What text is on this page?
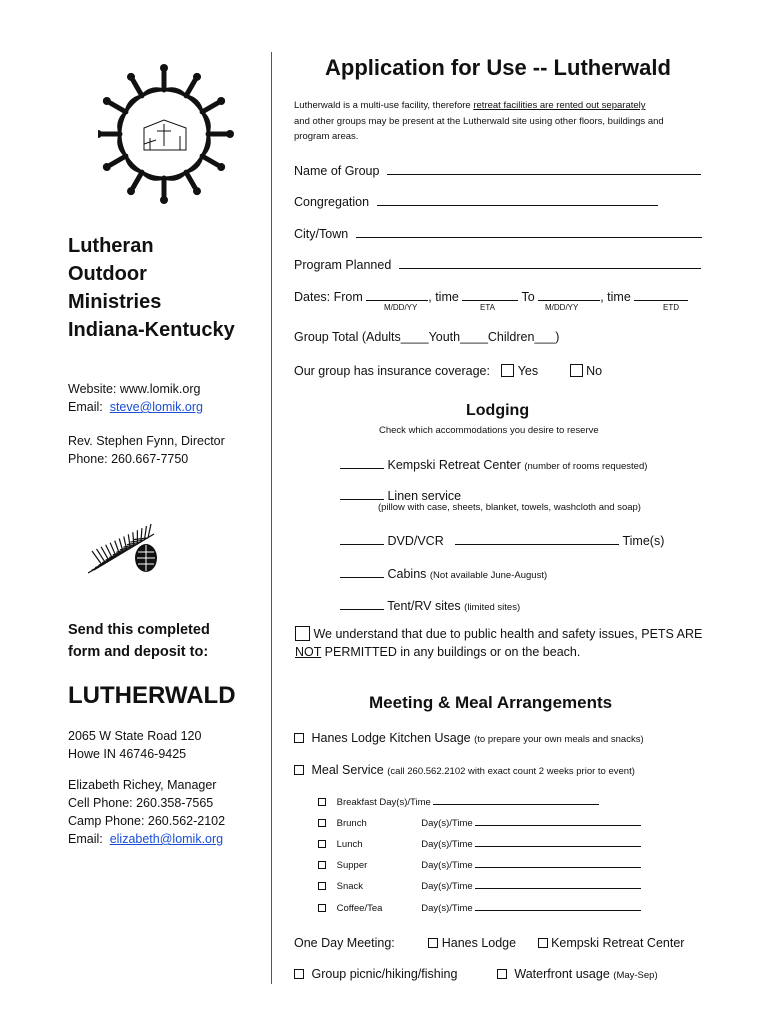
Lutheran
Outdoor
Ministries
Indiana-Kentucky
Website: www.lomik.org
Email: steve@lomik.org
Rev. Stephen Fynn, Director
Phone: 260.667-7750
Send this completed
form and deposit to:
LUTHERWALD
2065 W State Road 120
Howe IN 46746-9425
Elizabeth Richey, Manager
Cell Phone: 260.358-7565
Camp Phone: 260.562-2102
Email: elizabeth@lomik.org
Application for Use -- Lutherwald
Lutherwald is a multi-use facility, therefore retreat facilities are rented out separately
and other groups may be present at the Lutherwald site using other floors, buildings and
program areas.
Name of Group
Congregation
City/Town
Program Planned
Dates: From	, time	To	, time
M/DD/YY	ETA	M/DD/YY	ETD
Group Total (Adults____Youth____Children___)
Our group has insurance coverage: Yes	No
Lodging
Check which accommodations you desire to reserve
Kempski Retreat Center (number of rooms requested)
Linen service
(pillow with case, sheets, blanket, towels, washcloth and soap)
DVD/VCR	Time(s)
Cabins (Not available June-August)
Tent/RV sites (limited sites)
We understand that due to public health and safety issues, PETS ARE
NOT PERMITTED in any buildings or on the beach.
Meeting & Meal Arrangements
Hanes Lodge Kitchen Usage (to prepare your own meals and snacks)
Meal Service (call 260.562.2102 with exact count 2 weeks prior to event)
Breakfast Day(s)/Time
Brunch	Day(s)/Time
Lunch	Day(s)/Time
Supper	Day(s)/Time
Snack	Day(s)/Time
Coffee/Tea	Day(s)/Time
One Day Meeting:	Hanes Lodge	Kempski Retreat Center
Group picnic/hiking/fishing	Waterfront usage (May-Sep)
